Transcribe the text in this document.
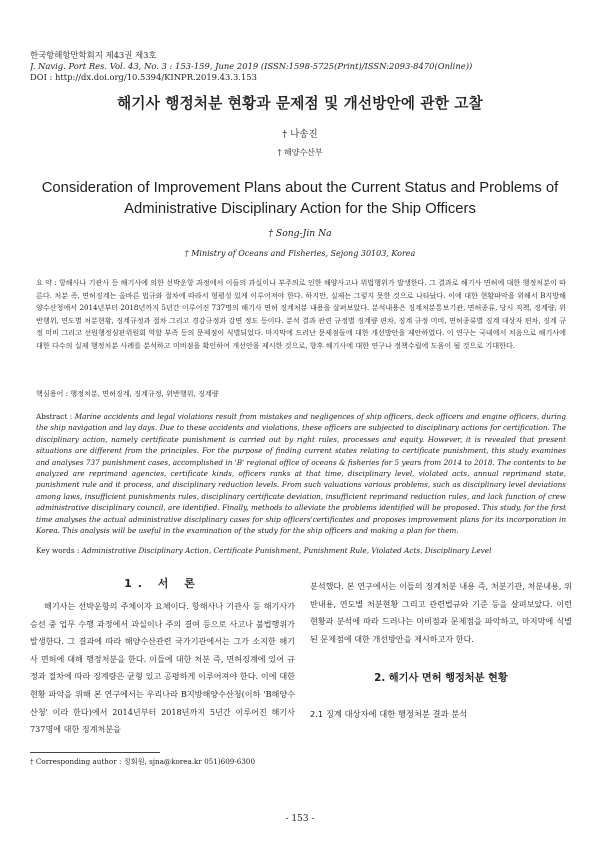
한국항해항만학회지 제43권 제3호
J. Navig. Port Res. Vol. 43, No. 3 : 153-159, June 2019 (ISSN:1598-5725(Print)/ISSN:2093-8470(Online))
DOI : http://dx.doi.org/10.5394/KINPR.2019.43.3.153
해기사 행정처분 현황과 문제점 및 개선방안에 관한 고찰
† 나송진
† 해양수산부
Consideration of Improvement Plans about the Current Status and Problems of Administrative Disciplinary Action for the Ship Officers
† Song-Jin Na
† Ministry of Oceans and Fisheries, Sejong 30103, Korea
요 약 : 항해사나 기관사 등 해기사에 의한 선박운항 과정에서 이들의 과실이나 부주의로 인한 해양사고나 위법행위가 발생한다. 그 결과로 해기사 면허에 대한 행정처분이 따른다. 처분 즉, 면허징계는 올바른 법규와 절차에 따라서 형평성 있게 이루어져야 한다. 하지만, 실제는 그렇지 못한 것으로 나타났다. 이에 대한 현황파악을 위해서 B지방해양수산청에서 2014년부터 2018년까지 5년간 이루어진 737명의 해기사 면허 징계처분 내용을 살펴보았다. 분석내용은 징계처분통보기관, 면허종류, 당시 직책, 징계량, 위반행위, 연도별 처분현황, 징계규정과 절차 그리고 경감규정과 감면 정도 등이다. 분석 결과 관련 규정별 징계량 편차, 징계 규정 미비, 면허종류별 징계 대상자 편차, 징계 규정 미비 그리고 선원행정심판위원회 역할 부족 등의 문제점이 식별되었다. 마지막에 드러난 문제점들에 대한 개선방안을 제안하였다. 이 연구는 국내에서 처음으로 해기사에 대한 다수의 실제 행정처분 사례를 분석하고 미비점을 확인하여 개선안을 제시한 것으로, 향후 해기사에 대한 연구나 정책수립에 도움이 될 것으로 기대한다.
핵심용어 : 행정처분, 면허징계, 징계규정, 위반행위, 징계량
Abstract : Marine accidents and legal violations result from mistakes and negligences of ship officers, deck officers and engine officers, during the ship navigation and lay days. Due to these accidents and violations, these officers are subjected to disciplinary actions for certification. The disciplinary action, namely certificate punishment is carried out by right rules, processes and equity. However, it is revealed that present situations are different from the principles. For the purpose of finding current states relating to certificate punishment, this study examines and analyses 737 punishment cases, accomplished in 'B' regional office of oceans & fisheries for 5 years from 2014 to 2018. The contents to be analyzed are reprimand agencies, certificate kinds, officers ranks at that time, disciplinary level, violated acts, annual reprimand state, punishment rule and it process, and disciplinary reduction levels. From such valuations various problems, such as disciplinary level deviations among laws, insufficient punishments rules, disciplinary certificate deviation, insufficient reprimand reduction rules, and lack function of crew administrative disciplinary council, are identified. Finally, methods to alleviate the problems identified will be proposed. This study, for the first time analyses the actual administrative disciplinary cases for ship officers'certificates and proposes improvement plans for its incorporation in Korea. This analysis will be useful in the examination of the study for the ship officers and making a plan for them.
Key words : Administrative Disciplinary Action, Certificate Punishment, Punishment Rule, Violated Acts, Disciplinary Level
1. 서 론

해기사는 선박운항의 주체이자 요체이다. 항해사나 기관사 등 해기사가 승선 중 업무 수행 과정에서 과실이나 주의 결여 등으로 사고나 불법행위가 발생한다. 그 결과에 따라 해양수산관련 국가기관에서는 그가 소지한 해기사 면허에 대해 행정처분을 한다. 이들에 대한 처분 즉, 면허징계에 있어 규정과 절차에 따라 징계량은 균형 있고 공평하게 이루어져야 한다. 이에 대한 현황 파악을 위해 본 연구에서는 우리나라 B지방해양수산청(이하 'B해양수산청' 이라 한다)에서 2014년부터 2018년까지 5년간 이루어진 해기사 737명에 대한 징계처분을

분석했다. 본 연구에서는 이들의 징계처분 내용 즉, 처분기관, 처분내용, 위반내용, 연도별 처분현황 그리고 관련법규와 기준 등을 살펴보았다. 이런 현황과 분석에 따라 드러나는 미비점과 문제점을 파악하고, 마지막에 식별된 문제점에 대한 개선방안을 제시하고자 한다.

2. 해기사 면허 행정처분 현황
2.1 징계 대상자에 대한 행정처분 결과 분석
† Corresponding author : 정회원, sjna@korea.kr 051)609-6300
- 153 -
